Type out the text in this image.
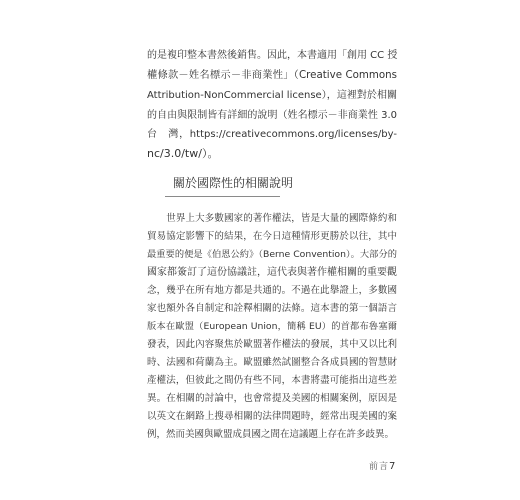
的是複印整本書然後銷售。因此，本書適用「創用 CC 授
權條款－姓名標示－非商業性」（Creative Commons
Attribution-NonCommercial license），這裡對於相關
的自由與限制皆有詳細的說明（姓名標示－非商業性 3.0
台　灣，https://creativecommons.org/licenses/by-
nc/3.0/tw/）。
關於國際性的相關說明
　　世界上大多數國家的著作權法，皆是大量的國際條約和
貿易協定影響下的結果，在今日這種情形更勝於以往，其中
最重要的便是《伯恩公約》（Berne Convention）。大部分的
國家都簽訂了這份協議註，這代表與著作權相關的重要觀
念，幾乎在所有地方都是共通的。不過在此擧證上，多數國
家也額外各自制定和詮釋相關的法條。這本書的第一個語言
版本在歐盟（European Union，簡稱 EU）的首都布魯塞爾
發表，因此內容聚焦於歐盟著作權法的發展，其中又以比利
時、法國和荷蘭為主。歐盟雖然試圖整合各成員國的智慧財
產權法，但彼此之間仍有些不同，本書將盡可能指出這些差
異。在相關的討論中，也會常提及美國的相關案例，原因是
以英文在網路上搜尋相關的法律問題時，經常出現美國的案
例，然而美國與歐盟成員國之間在這議題上存在許多歧異。
前言 7
